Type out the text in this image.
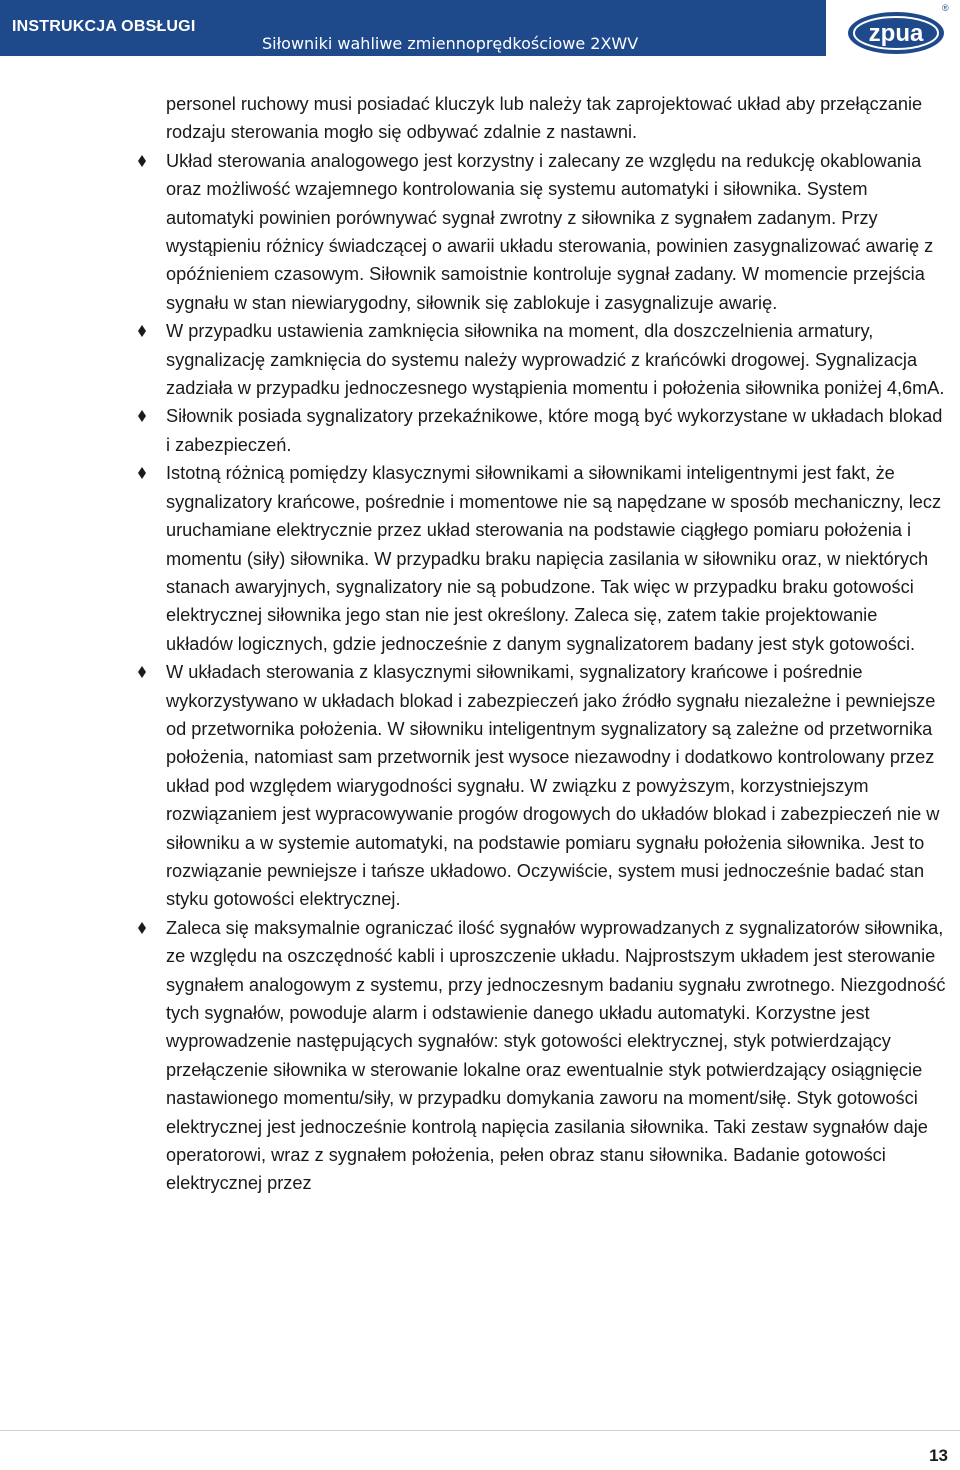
INSTRUKCJA OBSŁUGI
Siłowniki wahliwe zmiennoprędkościowe 2XWV	zpua
®

personel ruchowy musi posiadać kluczyk lub należy tak zaprojektować układ aby przełączanie rodzaju sterowania mogło się odbywać zdalnie z nastawni.

Układ sterowania analogowego jest korzystny i zalecany ze względu na redukcję okablowania oraz możliwość wzajemnego kontrolowania się systemu automatyki i siłownika. System automatyki powinien porównywać sygnał zwrotny z siłownika z sygnałem zadanym. Przy wystąpieniu różnicy świadczącej o awarii układu sterowania, powinien zasygnalizować awarię z opóźnieniem czasowym. Siłownik samoistnie kontroluje sygnał zadany. W momencie przejścia sygnału w stan niewiarygodny, siłownik się zablokuje i zasygnalizuje awarię.

W przypadku ustawienia zamknięcia siłownika na moment, dla doszczelnienia armatury, sygnalizację zamknięcia do systemu należy wyprowadzić z krańcówki drogowej. Sygnalizacja zadziała w przypadku jednoczesnego wystąpienia momentu i położenia siłownika poniżej 4,6mA.

Siłownik posiada sygnalizatory przekaźnikowe, które mogą być wykorzystane w układach blokad i zabezpieczeń.

Istotną różnicą pomiędzy klasycznymi siłownikami a siłownikami inteligentnymi jest fakt, że sygnalizatory krańcowe, pośrednie i momentowe nie są napędzane w sposób mechaniczny, lecz uruchamiane elektrycznie przez układ sterowania na podstawie ciągłego pomiaru położenia i momentu (siły) siłownika. W przypadku braku napięcia zasilania w siłowniku oraz, w niektórych stanach awaryjnych, sygnalizatory nie są pobudzone. Tak więc w przypadku braku gotowości elektrycznej siłownika jego stan nie jest określony. Zaleca się, zatem takie projektowanie układów logicznych, gdzie jednocześnie z danym sygnalizatorem badany jest styk gotowości.

W układach sterowania z klasycznymi siłownikami, sygnalizatory krańcowe i pośrednie wykorzystywano w układach blokad i zabezpieczeń jako źródło sygnału niezależne i pewniejsze od przetwornika położenia. W siłowniku inteligentnym sygnalizatory są zależne od przetwornika położenia, natomiast sam przetwornik jest wysoce niezawodny i dodatkowo kontrolowany przez układ pod względem wiarygodności sygnału. W związku z powyższym, korzystniejszym rozwiązaniem jest wypracowywanie progów drogowych do układów blokad i zabezpieczeń nie w siłowniku a w systemie automatyki, na podstawie pomiaru sygnału położenia siłownika. Jest to rozwiązanie pewniejsze i tańsze układowo. Oczywiście, system musi jednocześnie badać stan styku gotowości elektrycznej.

Zaleca się maksymalnie ograniczać ilość sygnałów wyprowadzanych z sygnalizatorów siłownika, ze względu na oszczędność kabli i uproszczenie układu. Najprostszym układem jest sterowanie sygnałem analogowym z systemu, przy jednoczesnym badaniu sygnału zwrotnego. Niezgodność tych sygnałów, powoduje alarm i odstawienie danego układu automatyki. Korzystne jest wyprowadzenie następujących sygnałów: styk gotowości elektrycznej, styk potwierdzający przełączenie siłownika w sterowanie lokalne oraz ewentualnie styk potwierdzający osiągnięcie nastawionego momentu/siły, w przypadku domykania zaworu na moment/siłę. Styk gotowości elektrycznej jest jednocześnie kontrolą napięcia zasilania siłownika. Taki zestaw sygnałów daje operatorowi, wraz z sygnałem położenia, pełen obraz stanu siłownika. Badanie gotowości elektrycznej przez

13
